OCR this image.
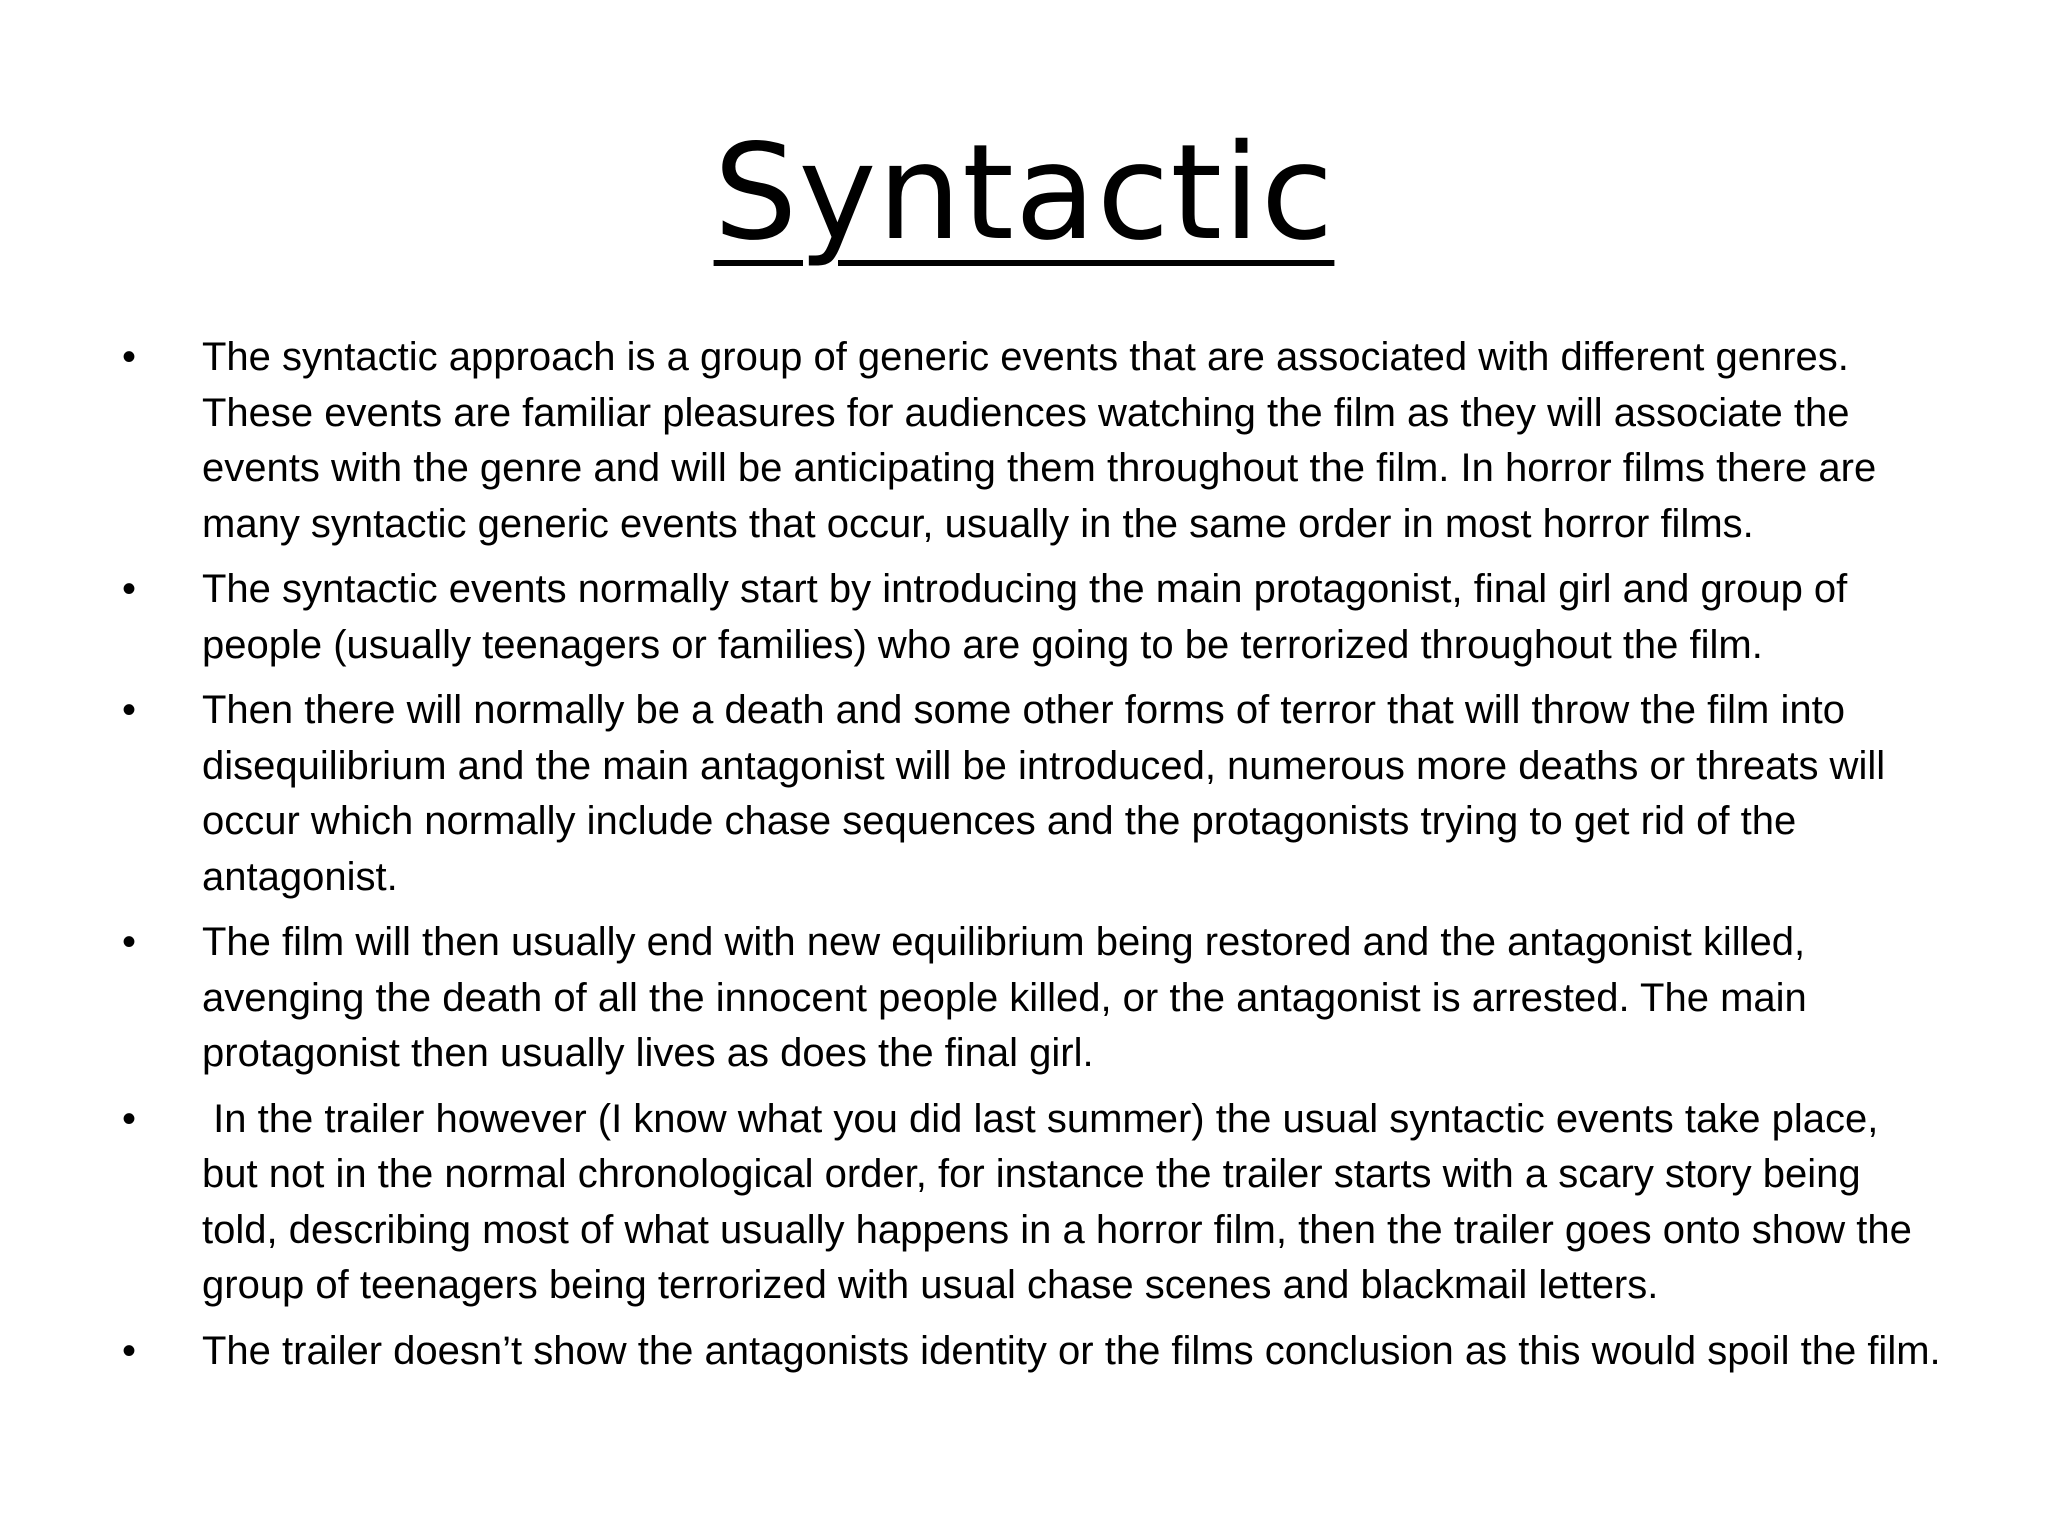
Syntactic
• The syntactic approach is a group of generic events that are associated with different genres. These events are familiar pleasures for audiences watching the film as they will associate the events with the genre and will be anticipating them throughout the film. In horror films there are many syntactic generic events that occur, usually in the same order in most horror films.
• The syntactic events normally start by introducing the main protagonist, final girl and group of people (usually teenagers or families) who are going to be terrorized throughout the film.
• Then there will normally be a death and some other forms of terror that will throw the film into disequilibrium and the main antagonist will be introduced, numerous more deaths or threats will occur which normally include chase sequences and the protagonists trying to get rid of the antagonist.
• The film will then usually end with new equilibrium being restored and the antagonist killed, avenging the death of all the innocent people killed, or the antagonist is arrested. The main protagonist then usually lives as does the final girl.
• In the trailer however (I know what you did last summer) the usual syntactic events take place, but not in the normal chronological order, for instance the trailer starts with a scary story being told, describing most of what usually happens in a horror film, then the trailer goes onto show the group of teenagers being terrorized with usual chase scenes and blackmail letters.
• The trailer doesn’t show the antagonists identity or the films conclusion as this would spoil the film.
